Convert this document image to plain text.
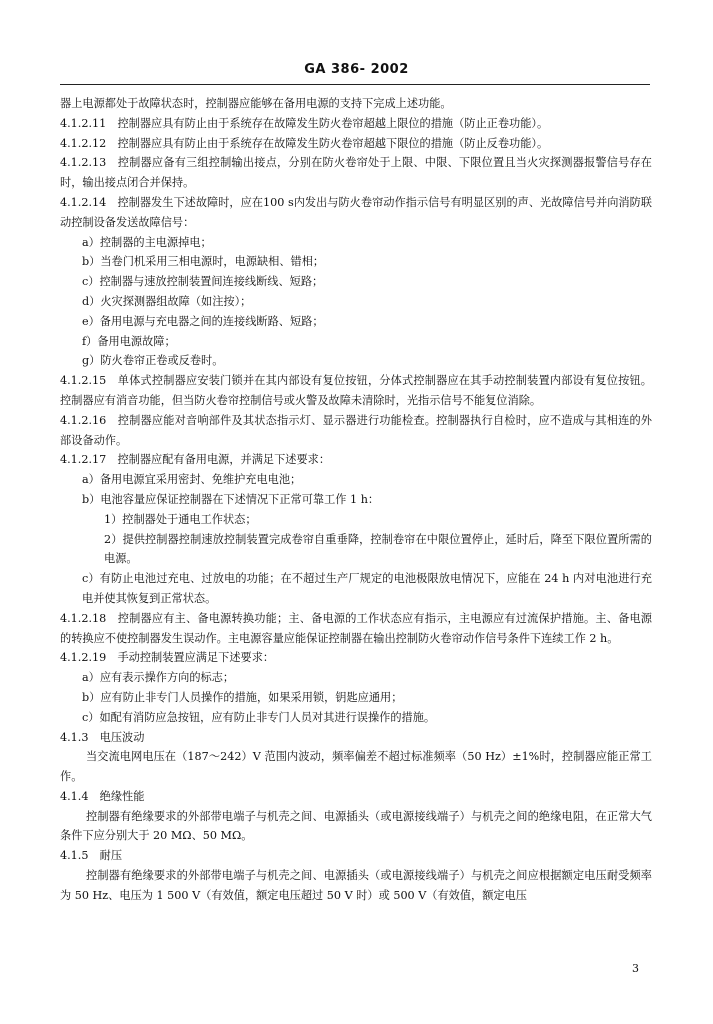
GA 386- 2002

器上电源都处于故障状态时，控制器应能够在备用电源的支持下完成上述功能。

4.1.2.11　控制器应具有防止由于系统存在故障发生防火卷帘超越上限位的措施（防止正卷功能）。

4.1.2.12　控制器应具有防止由于系统存在故障发生防火卷帘超越下限位的措施（防止反卷功能）。

4.1.2.13　控制器应备有三组控制输出接点，分别在防火卷帘处于上限、中限、下限位置且当火灾探测器报警信号存在时，输出接点闭合并保持。

4.1.2.14　控制器发生下述故障时，应在100 s内发出与防火卷帘动作指示信号有明显区别的声、光故障信号并向消防联动控制设备发送故障信号：

a）控制器的主电源掉电；

b）当卷门机采用三相电源时，电源缺相、错相；

c）控制器与速放控制装置间连接线断线、短路；

d）火灾探测器组故障（如注按）；

e）备用电源与充电器之间的连接线断路、短路；

f）备用电源故障；

g）防火卷帘正卷或反卷时。

4.1.2.15　单体式控制器应安装门锁并在其内部设有复位按钮，分体式控制器应在其手动控制装置内部设有复位按钮。控制器应有消音功能，但当防火卷帘控制信号或火警及故障未清除时，光指示信号不能复位消除。

4.1.2.16　控制器应能对音响部件及其状态指示灯、显示器进行功能检查。控制器执行自检时，应不造成与其相连的外部设备动作。

4.1.2.17　控制器应配有备用电源，并满足下述要求：

a）备用电源宜采用密封、免维护充电电池；

b）电池容量应保证控制器在下述情况下正常可靠工作 1 h：

1）控制器处于通电工作状态；

2）提供控制器控制速放控制装置完成卷帘自重垂降，控制卷帘在中限位置停止，延时后，降至下限位置所需的电源。

c）有防止电池过充电、过放电的功能；在不超过生产厂规定的电池极限放电情况下，应能在 24 h 内对电池进行充电并使其恢复到正常状态。

4.1.2.18　控制器应有主、备电源转换功能；主、备电源的工作状态应有指示，主电源应有过流保护措施。主、备电源的转换应不使控制器发生误动作。主电源容量应能保证控制器在输出控制防火卷帘动作信号条件下连续工作 2 h。

4.1.2.19　手动控制装置应满足下述要求：

a）应有表示操作方向的标志；

b）应有防止非专门人员操作的措施，如果采用锁，钥匙应通用；

c）如配有消防应急按钮，应有防止非专门人员对其进行误操作的措施。

4.1.3　电压波动

当交流电网电压在（187～242）V 范围内波动，频率偏差不超过标准频率（50 Hz）±1%时，控制器应能正常工作。

4.1.4　绝缘性能

控制器有绝缘要求的外部带电端子与机壳之间、电源插头（或电源接线端子）与机壳之间的绝缘电阻，在正常大气条件下应分别大于 20 MΩ、50 MΩ。

4.1.5　耐压

控制器有绝缘要求的外部带电端子与机壳之间、电源插头（或电源接线端子）与机壳之间应根据额定电压耐受频率为 50 Hz、电压为 1 500 V（有效值，额定电压超过 50 V 时）或 500 V（有效值，额定电压

3
